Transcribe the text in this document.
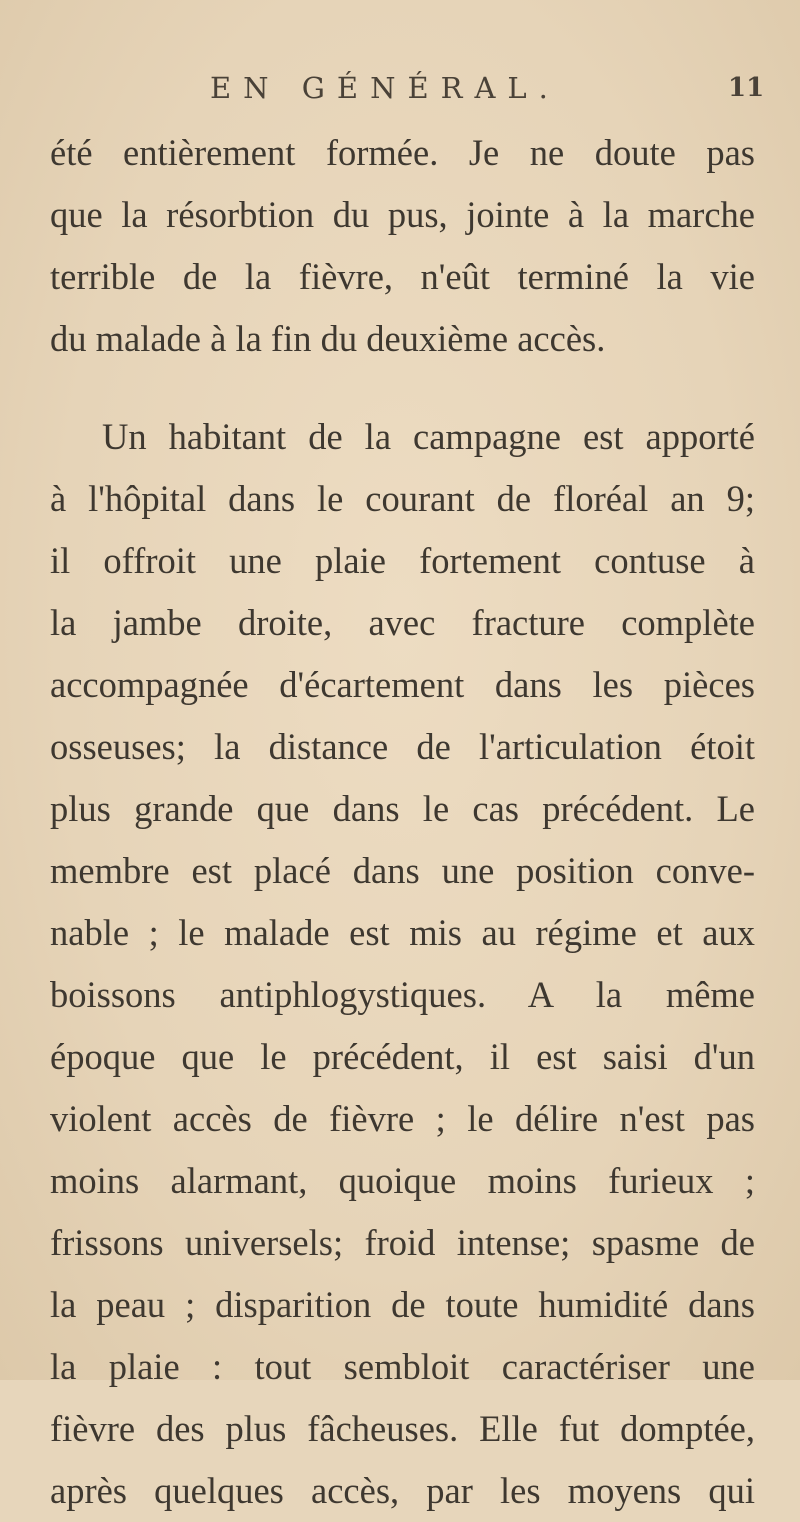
EN GÉNÉRAL.	11
été entièrement formée. Je ne doute pas
que la résorbtion du pus, jointe à la marche
terrible de la fièvre, n'eût terminé la vie
du malade à la fin du deuxième accès.
Un habitant de la campagne est apporté
à l'hôpital dans le courant de floréal an 9;
il offroit une plaie fortement contuse à
la jambe droite, avec fracture complète
accompagnée d'écartement dans les pièces
osseuses; la distance de l'articulation étoit
plus grande que dans le cas précédent. Le
membre est placé dans une position conve-
nable ; le malade est mis au régime et aux
boissons antiphlogystiques. A la même
époque que le précédent, il est saisi d'un
violent accès de fièvre ; le délire n'est pas
moins alarmant, quoique moins furieux ;
frissons universels; froid intense; spasme de
la peau ; disparition de toute humidité dans
la plaie : tout sembloit caractériser une
fièvre des plus fâcheuses. Elle fut domptée,
après quelques accès, par les moyens qui
